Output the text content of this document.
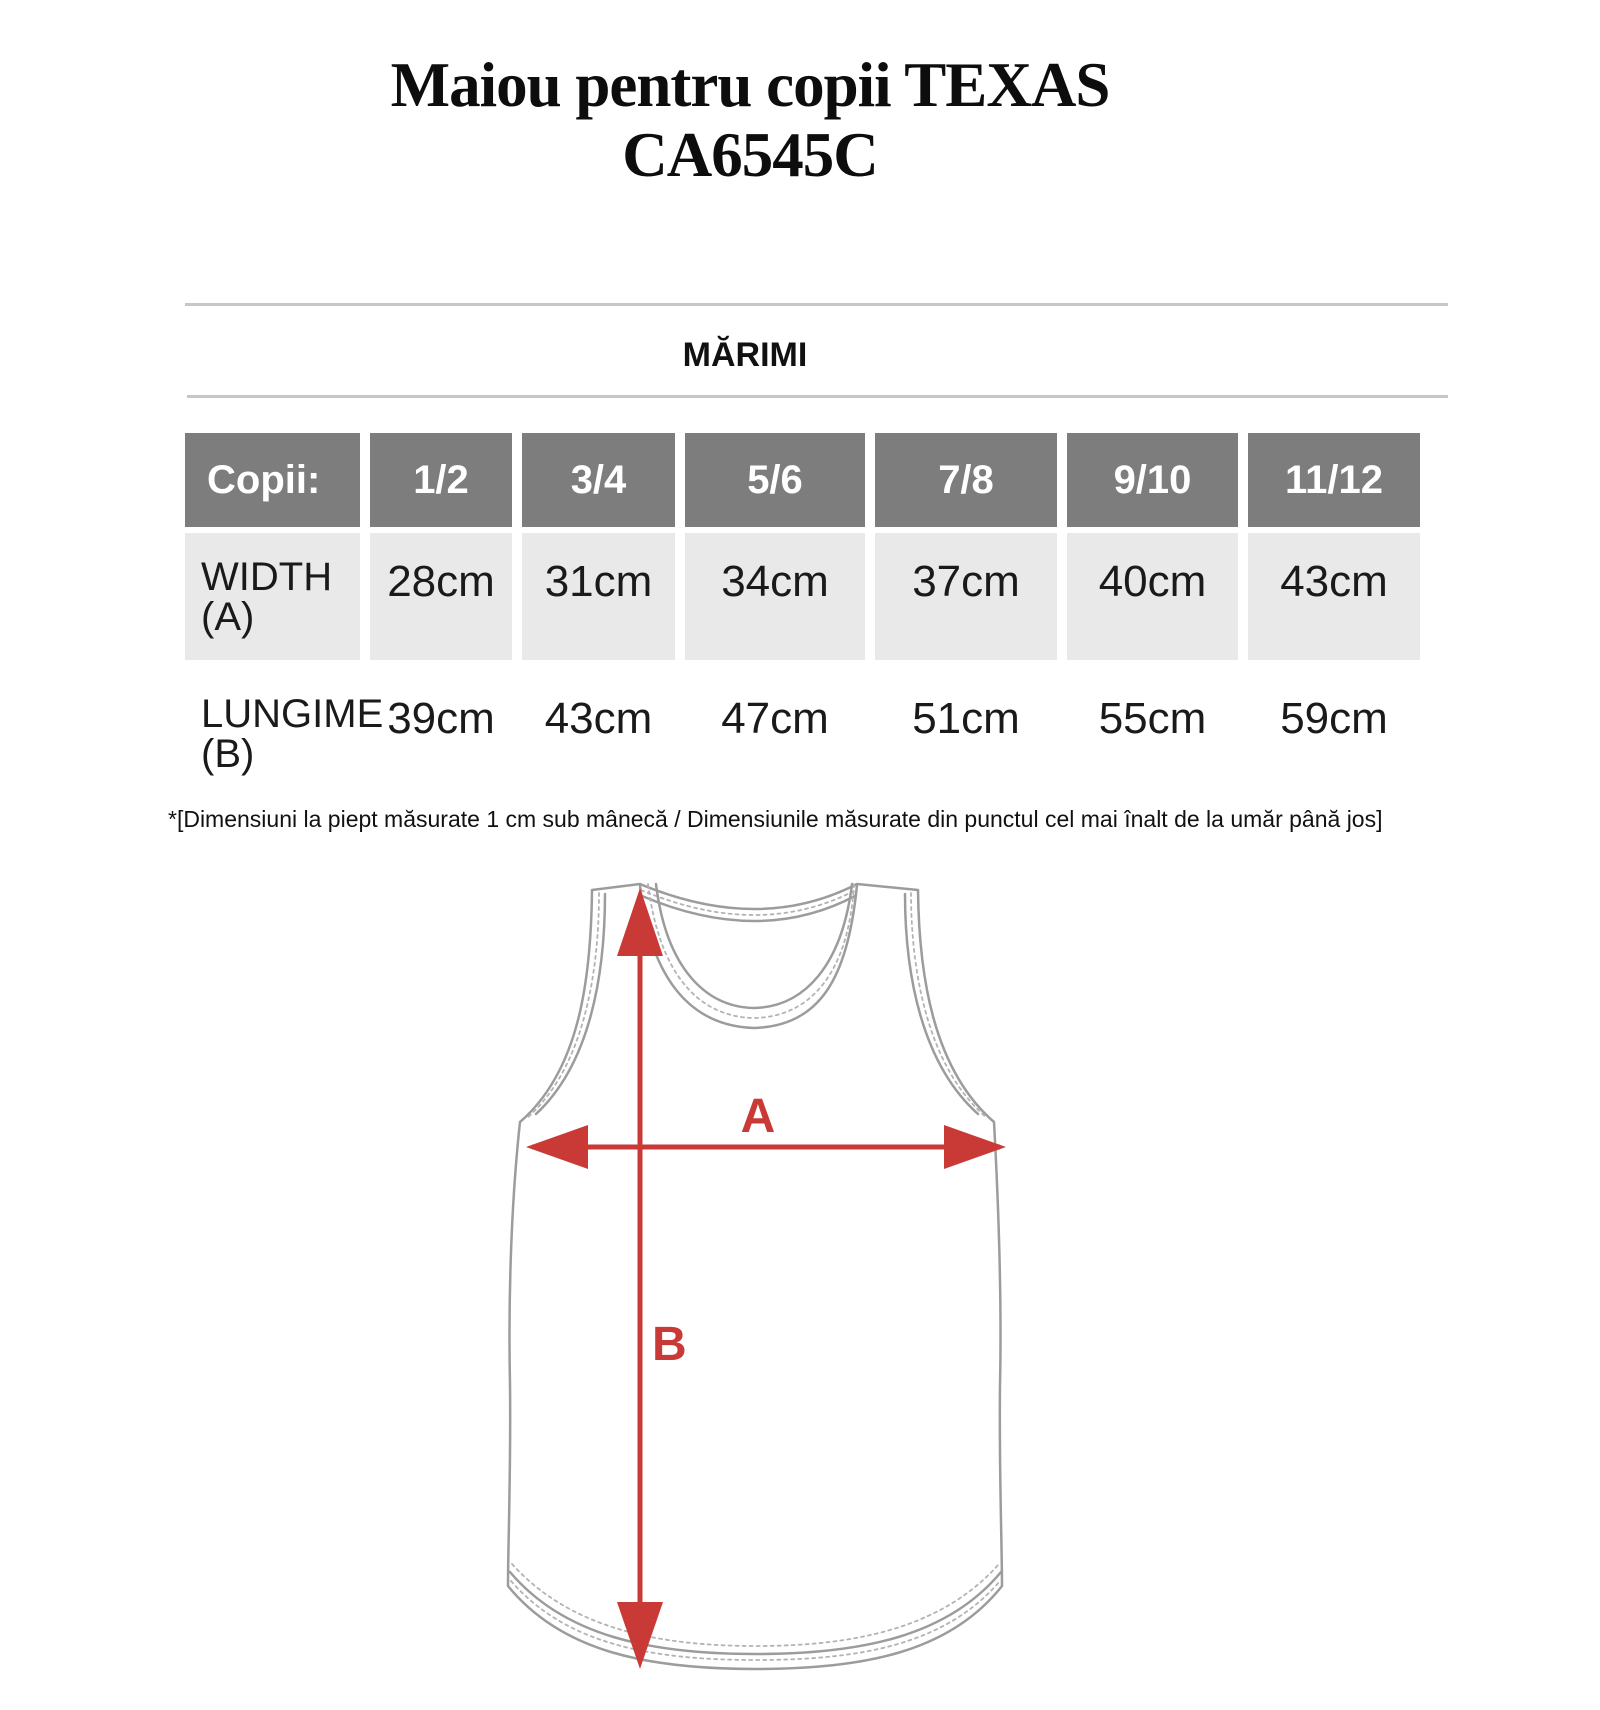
Maiou pentru copii TEXAS
CA6545C
MĂRIMI
Copii:	1/2	3/4	5/6	7/8	9/10	11/12
WIDTH
(A)
28cm	31cm	34cm	37cm	40cm	43cm
LUNGIME
(B)
39cm	43cm	47cm	51cm	55cm	59cm
*[Dimensiuni la piept măsurate 1 cm sub mânecă / Dimensiunile măsurate din punctul cel mai înalt de la umăr până jos]
A
B
